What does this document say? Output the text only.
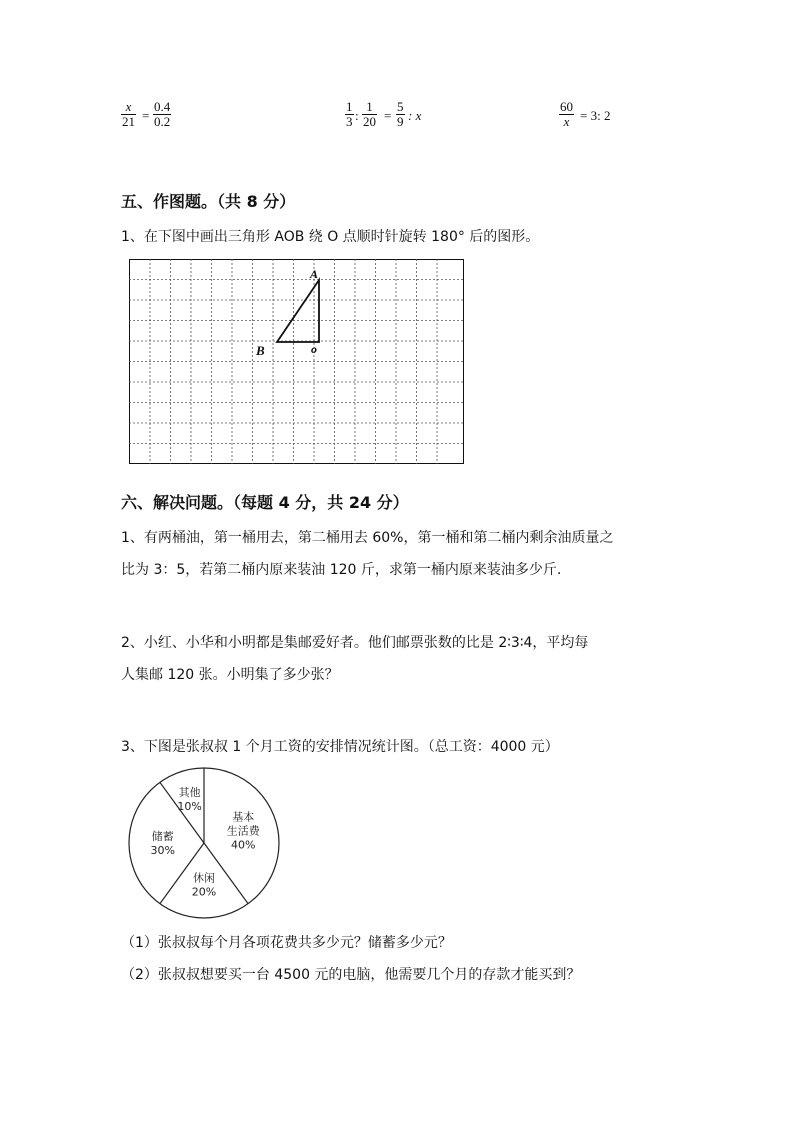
$\frac{x}{21} = \frac{0.4}{0.2}$	$\frac{1}{3}$ : $\frac{1}{20} = \frac{5}{9}$ : x	$\frac{60}{x} = 3$: 2
五、作图题。（共 8 分）
1、在下图中画出三角形 AOB 绕 O 点顺时针旋转 180° 后的图形。
A
B	o
六、解决问题。（每题 4 分，共 24 分）
1、有两桶油，第一桶用去，第二桶用去 60%，第一桶和第二桶内剩余油质量之
比为 3：5，若第二桶内原来装油 120 斤，求第一桶内原来装油多少斤.
2、小红、小华和小明都是集邮爱好者。他们邮票张数的比是 2∶3∶4，平均每
人集邮 120 张。小明集了多少张？
3、下图是张叔叔 1 个月工资的安排情况统计图。（总工资：4000 元）
基本
生活费
40%
休闲
20%
储蓄
30%
其他
10%
（1）张叔叔每个月各项花费共多少元？储蓄多少元？
（2）张叔叔想要买一台 4500 元的电脑，他需要几个月的存款才能买到？
